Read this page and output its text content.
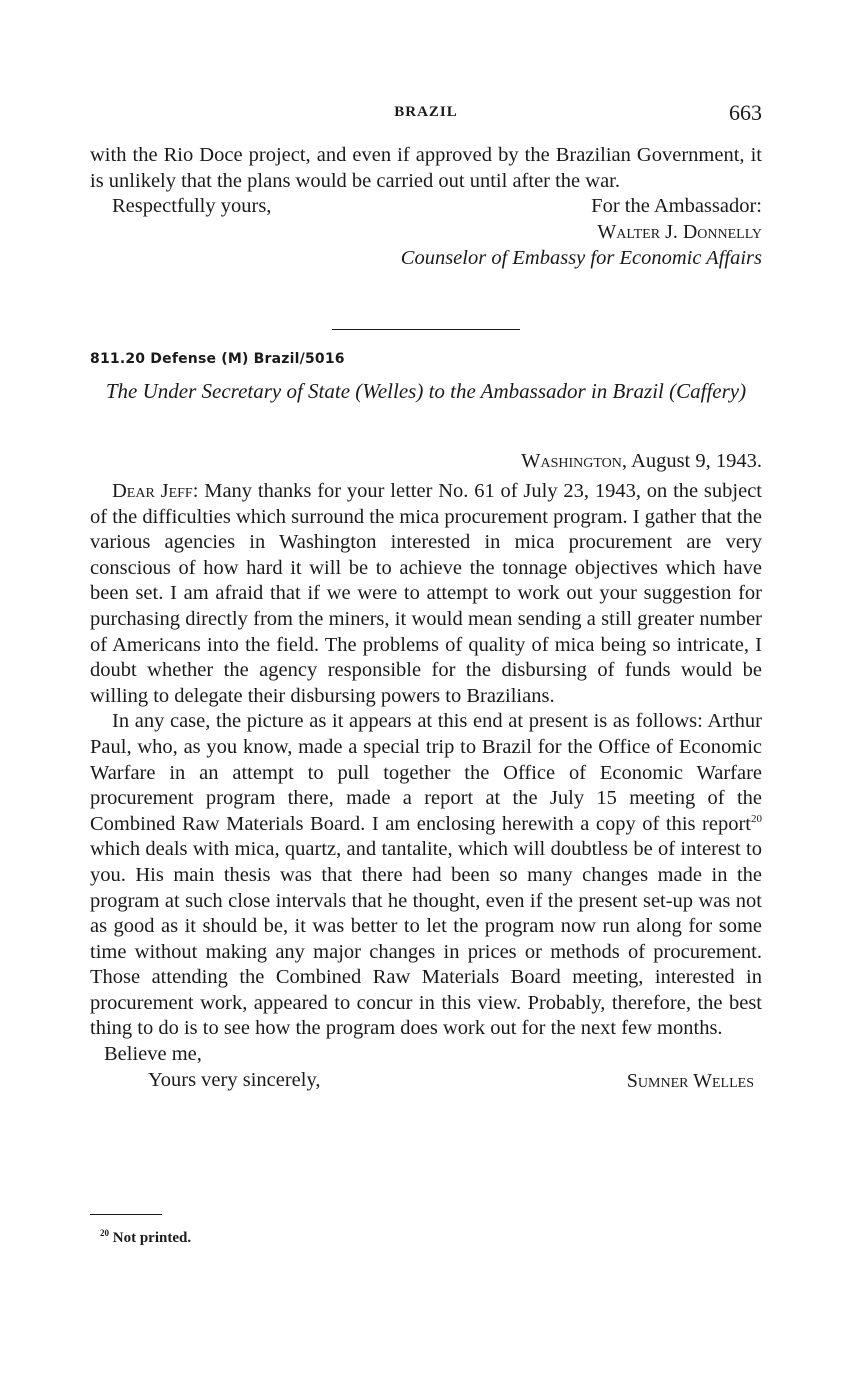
BRAZIL	663

with the Rio Doce project, and even if approved by the Brazilian Government, it is unlikely that the plans would be carried out until after the war.

Respectfully yours,	For the Ambassador:
Walter J. Donnelly
Counselor of Embassy for Economic Affairs
811.20 Defense (M) Brazil/5016
The Under Secretary of State (Welles) to the Ambassador in Brazil (Caffery)
Washington, August 9, 1943.

Dear Jeff: Many thanks for your letter No. 61 of July 23, 1943, on the subject of the difficulties which surround the mica procurement program. I gather that the various agencies in Washington interested in mica procurement are very conscious of how hard it will be to achieve the tonnage objectives which have been set. I am afraid that if we were to attempt to work out your suggestion for purchasing directly from the miners, it would mean sending a still greater number of Americans into the field. The problems of quality of mica being so intricate, I doubt whether the agency responsible for the disbursing of funds would be willing to delegate their disbursing powers to Brazilians.

In any case, the picture as it appears at this end at present is as follows: Arthur Paul, who, as you know, made a special trip to Brazil for the Office of Economic Warfare in an attempt to pull together the Office of Economic Warfare procurement program there, made a report at the July 15 meeting of the Combined Raw Materials Board. I am enclosing herewith a copy of this report$^{20}$ which deals with mica, quartz, and tantalite, which will doubtless be of interest to you. His main thesis was that there had been so many changes made in the program at such close intervals that he thought, even if the present set-up was not as good as it should be, it was better to let the program now run along for some time without making any major changes in prices or methods of procurement. Those attending the Combined Raw Materials Board meeting, interested in procurement work, appeared to concur in this view. Probably, therefore, the best thing to do is to see how the program does work out for the next few months.

Believe me,
Yours very sincerely,	Sumner Welles
$^{20}$ Not printed.
